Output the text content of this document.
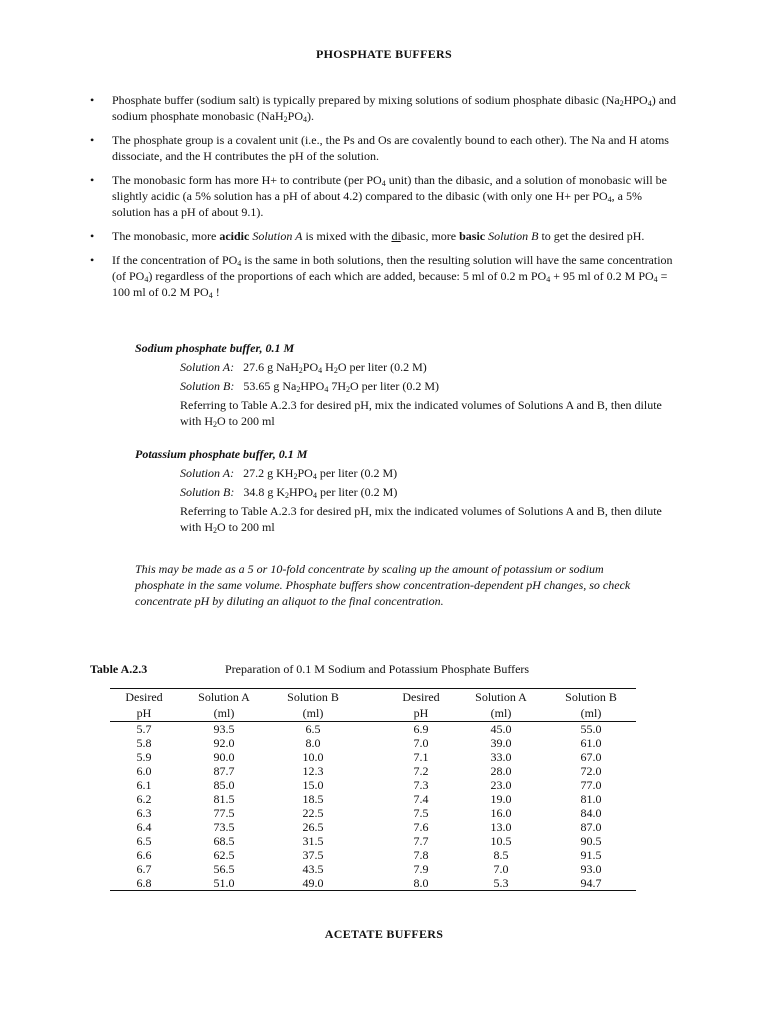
PHOSPHATE BUFFERS
• Phosphate buffer (sodium salt) is typically prepared by mixing solutions of sodium phosphate dibasic $(Na_2HPO_4)$ and sodium phosphate monobasic $(NaH_2PO_4)$.
• The phosphate group is a covalent unit (i.e., the Ps and Os are covalently bound to each other). The Na and H atoms dissociate, and the H contributes the pH of the solution.
• The monobasic form has more H+ to contribute (per $PO_4$ unit) than the dibasic, and a solution of monobasic will be slightly acidic (a 5% solution has a pH of about 4.2) compared to the dibasic (with only one H+ per $PO_4$, a 5% solution has a pH of about 9.1).
• The monobasic, more acidic Solution A is mixed with the dibasic, more basic Solution B to get the desired pH.
• If the concentration of $PO_4$ is the same in both solutions, then the resulting solution will have the same concentration (of $PO_4$) regardless of the proportions of each which are added, because: 5 ml of 0.2 m $PO_4 + 95$ ml of 0.2 M $PO_4 = 100$ ml of 0.2 M $PO_4$ !
Sodium phosphate buffer, 0.1 M
Solution A: 27.6 g $NaH_2PO_4$ $H_2O$ per liter (0.2 M)
Solution B: 53.65 g $Na_2HPO_4$ $7H_2O$ per liter (0.2 M)
Referring to Table A.2.3 for desired pH, mix the indicated volumes of Solutions A and B, then dilute with $H_2O$ to 200 ml
Potassium phosphate buffer, 0.1 M
Solution A: 27.2 g $KH_2PO_4$ per liter (0.2 M)
Solution B: 34.8 g $K_2HPO_4$ per liter (0.2 M)
Referring to Table A.2.3 for desired pH, mix the indicated volumes of Solutions A and B, then dilute with $H_2O$ to 200 ml
This may be made as a 5 or 10-fold concentrate by scaling up the amount of potassium or sodium phosphate in the same volume. Phosphate buffers show concentration-dependent pH changes, so check concentrate pH by diluting an aliquot to the final concentration.
Table A.2.3	Preparation of 0.1 M Sodium and Potassium Phosphate Buffers
Desired	Solution A	Solution B		Desired	Solution A	Solution B
pH	(ml)	(ml)		pH	(ml)	(ml)
5.7	93.5	6.5		6.9	45.0	55.0
5.8	92.0	8.0		7.0	39.0	61.0
5.9	90.0	10.0		7.1	33.0	67.0
6.0	87.7	12.3		7.2	28.0	72.0
6.1	85.0	15.0		7.3	23.0	77.0
6.2	81.5	18.5		7.4	19.0	81.0
6.3	77.5	22.5		7.5	16.0	84.0
6.4	73.5	26.5		7.6	13.0	87.0
6.5	68.5	31.5		7.7	10.5	90.5
6.6	62.5	37.5		7.8	8.5	91.5
6.7	56.5	43.5		7.9	7.0	93.0
6.8	51.0	49.0		8.0	5.3	94.7
ACETATE BUFFERS
